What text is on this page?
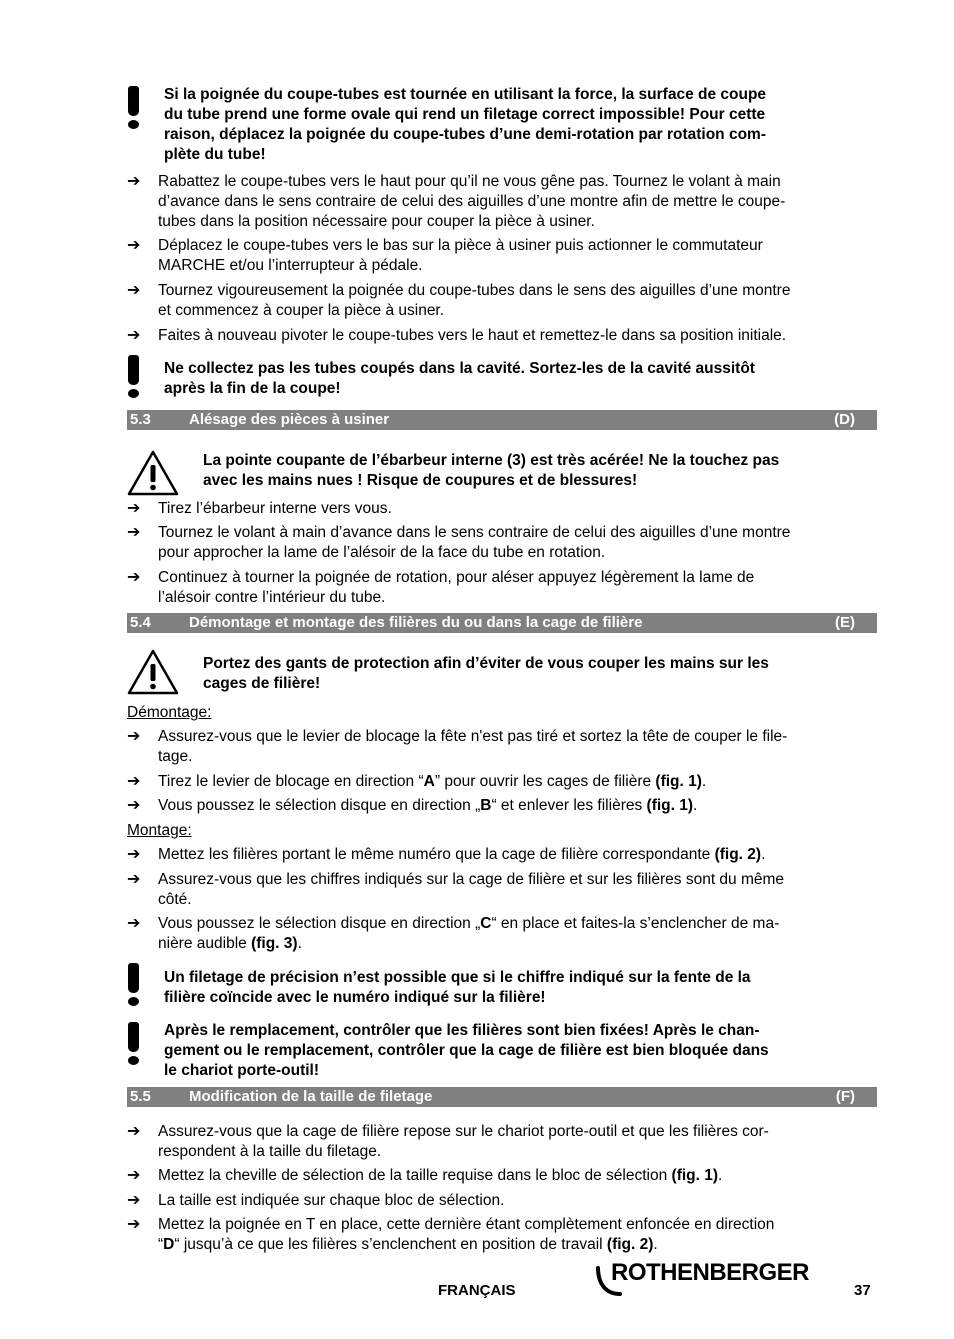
Si la poignée du coupe-tubes est tournée en utilisant la force, la surface de coupe
du tube prend une forme ovale qui rend un filetage correct impossible! Pour cette
raison, déplacez la poignée du coupe-tubes d’une demi-rotation par rotation com-
plète du tube!
➔	Rabattez le coupe-tubes vers le haut pour qu’il ne vous gêne pas. Tournez le volant à main
d’avance dans le sens contraire de celui des aiguilles d’une montre afin de mettre le coupe-
tubes dans la position nécessaire pour couper la pièce à usiner.
➔	Déplacez le coupe-tubes vers le bas sur la pièce à usiner puis actionner le commutateur
MARCHE et/ou l’interrupteur à pédale.
➔	Tournez vigoureusement la poignée du coupe-tubes dans le sens des aiguilles d’une montre
et commencez à couper la pièce à usiner.
➔	Faites à nouveau pivoter le coupe-tubes vers le haut et remettez-le dans sa position initiale.
Ne collectez pas les tubes coupés dans la cavité. Sortez-les de la cavité aussitôt
après la fin de la coupe!
5.3	Alésage des pièces à usiner	(D)
La pointe coupante de l’ébarbeur interne (3) est très acérée! Ne la touchez pas
avec les mains nues ! Risque de coupures et de blessures!
➔	Tirez l’ébarbeur interne vers vous.
➔	Tournez le volant à main d’avance dans le sens contraire de celui des aiguilles d’une montre
pour approcher la lame de l’alésoir de la face du tube en rotation.
➔	Continuez à tourner la poignée de rotation, pour aléser appuyez légèrement la lame de
l’alésoir contre l’intérieur du tube.
5.4	Démontage et montage des filières du ou dans la cage de filière	(E)
Portez des gants de protection afin d’éviter de vous couper les mains sur les
cages de filière!
Démontage:
➔	Assurez-vous que le levier de blocage la fête n'est pas tiré et sortez la tête de couper le file-
tage.
➔	Tirez le levier de blocage en direction “A” pour ouvrir les cages de filière (fig. 1).
➔	Vous poussez le sélection disque en direction „B“ et enlever les filières (fig. 1).
Montage:
➔	Mettez les filières portant le même numéro que la cage de filière correspondante (fig. 2).
➔	Assurez-vous que les chiffres indiqués sur la cage de filière et sur les filières sont du même
côté.
➔	Vous poussez le sélection disque en direction „C“ en place et faites-la s’enclencher de ma-
nière audible (fig. 3).
Un filetage de précision n’est possible que si le chiffre indiqué sur la fente de la
filière coïncide avec le numéro indiqué sur la filière!
Après le remplacement, contrôler que les filières sont bien fixées! Après le chan-
gement ou le remplacement, contrôler que la cage de filière est bien bloquée dans
le chariot porte-outil!
5.5	Modification de la taille de filetage	(F)
➔	Assurez-vous que la cage de filière repose sur le chariot porte-outil et que les filières cor-
respondent à la taille du filetage.
➔	Mettez la cheville de sélection de la taille requise dans le bloc de sélection (fig. 1).
➔	La taille est indiquée sur chaque bloc de sélection.
➔	Mettez la poignée en T en place, cette dernière étant complètement enfoncée en direction
“D“ jusqu’à ce que les filières s’enclenchent en position de travail (fig. 2).
FRANÇAIS
ROTHENBERGER
37
